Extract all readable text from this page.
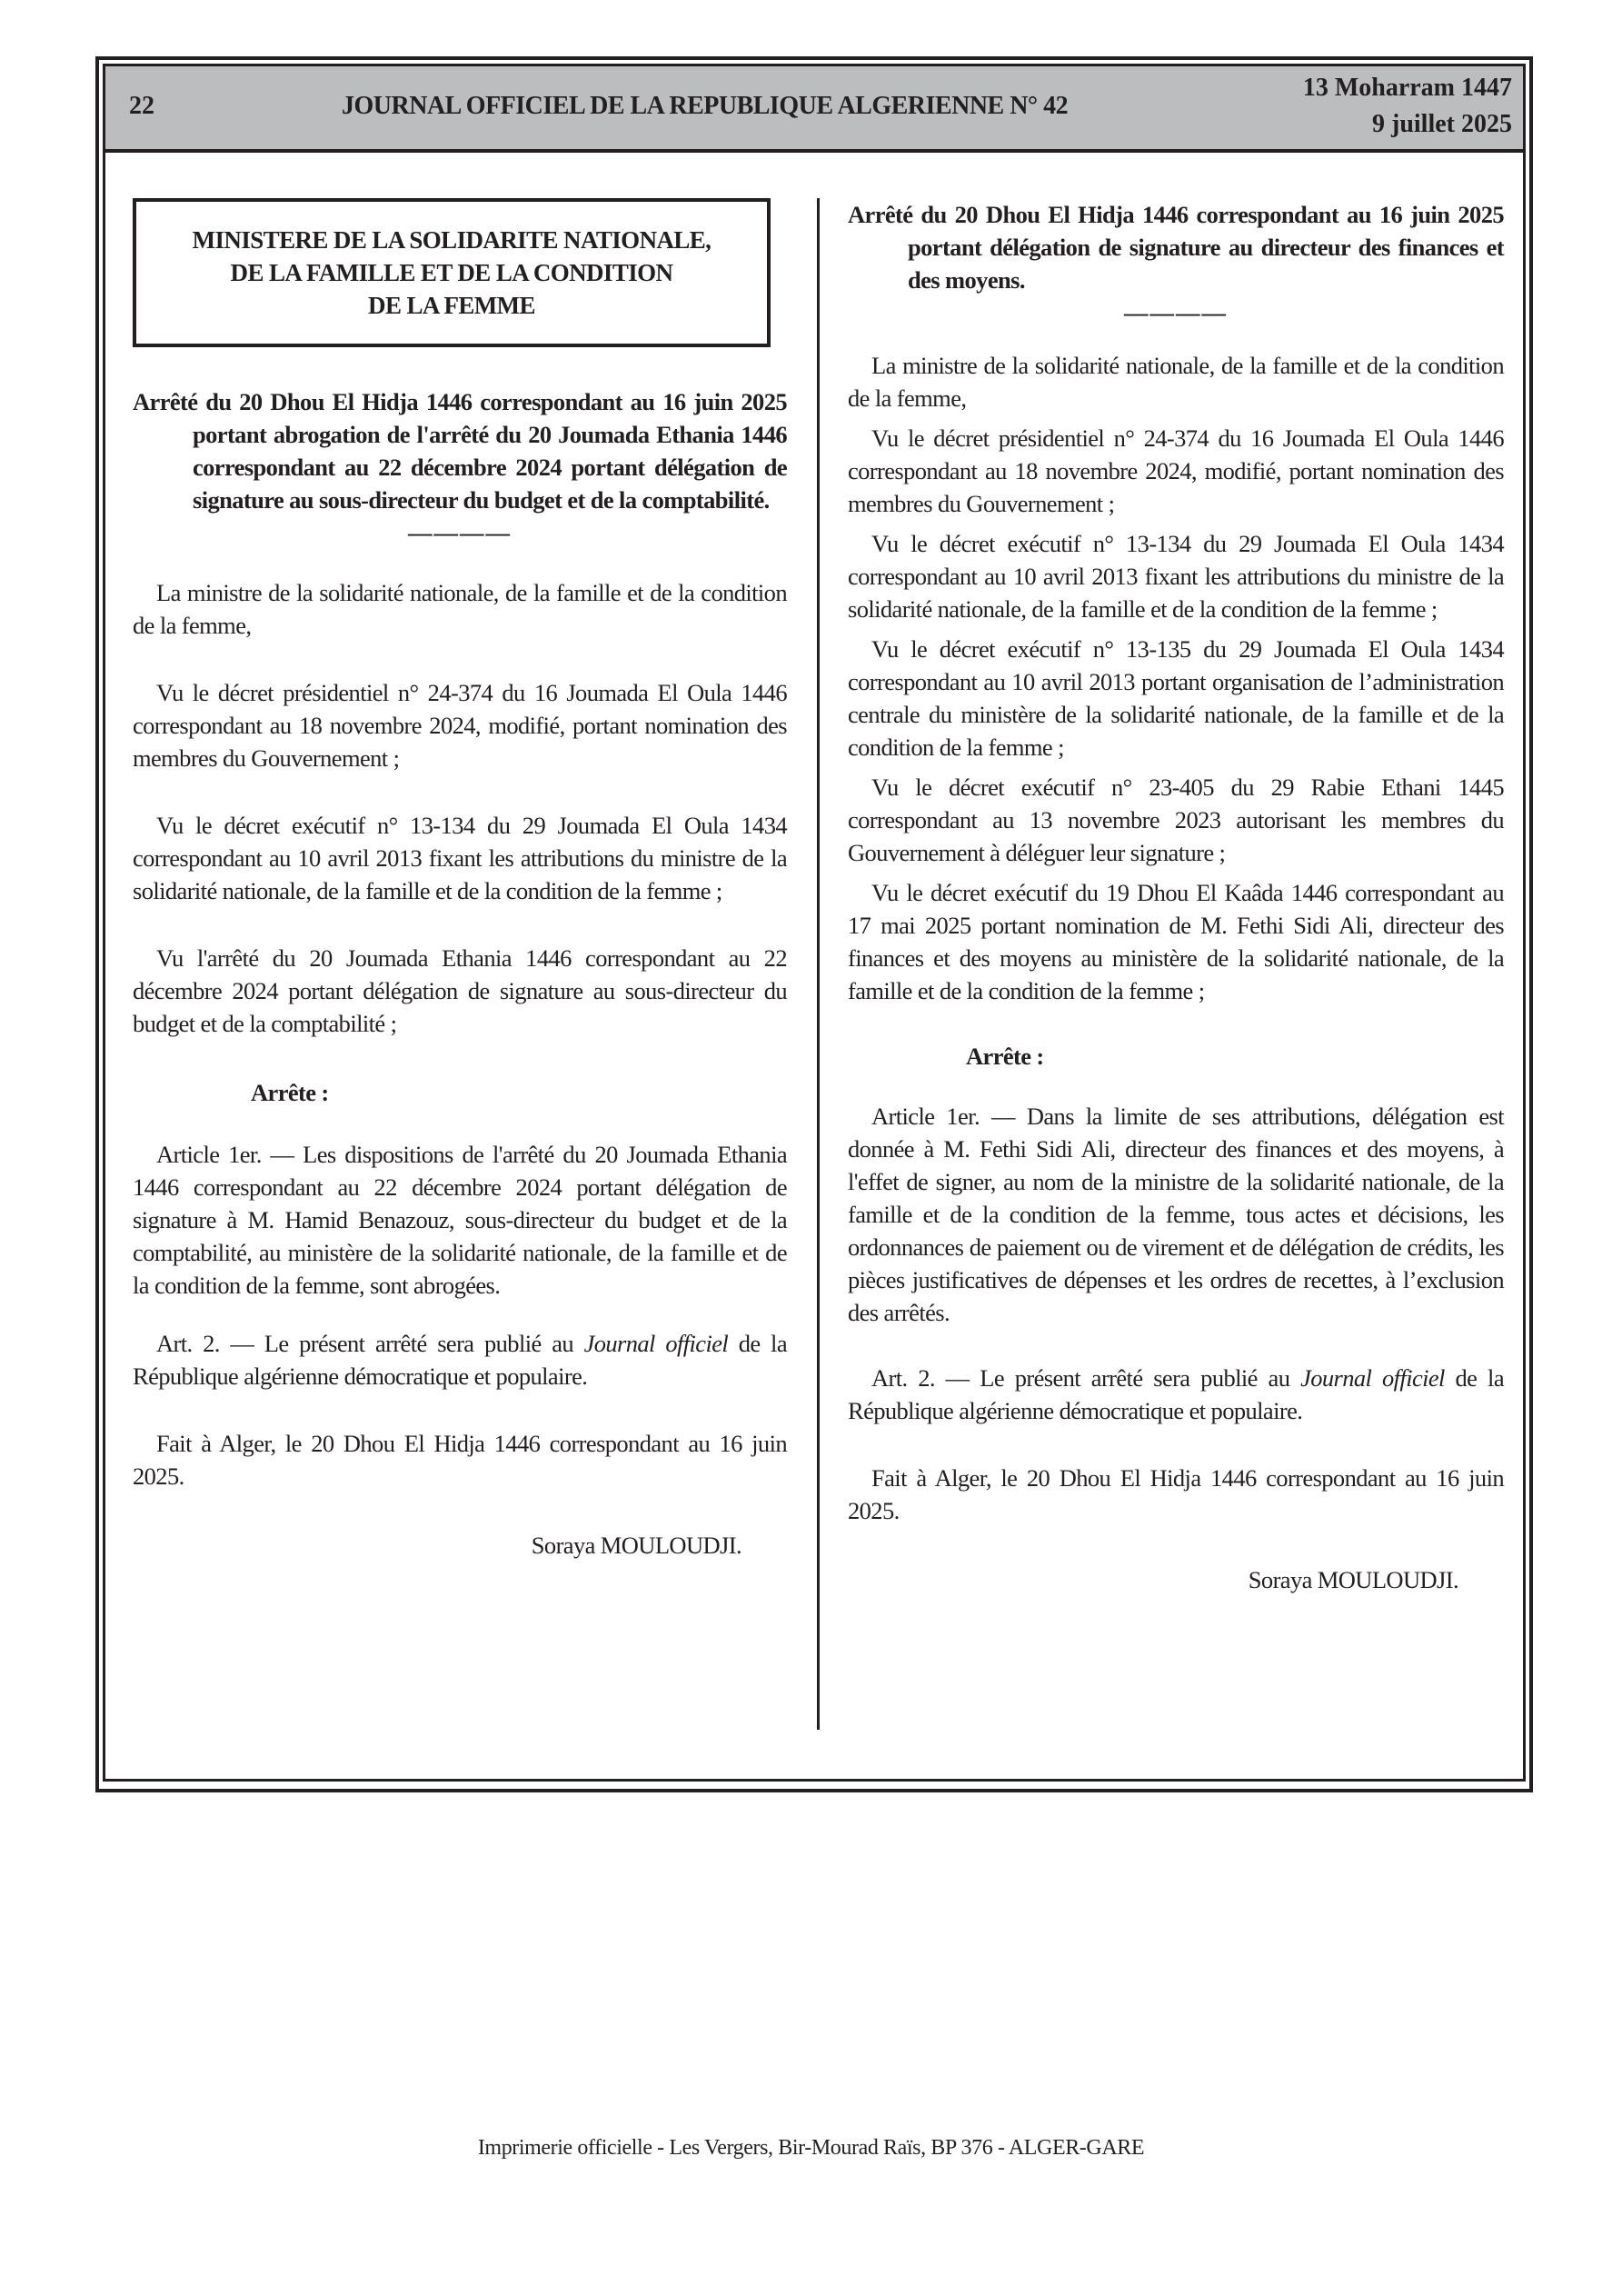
22	JOURNAL OFFICIEL DE LA REPUBLIQUE ALGERIENNE N° 42
13 Moharram 1447
9 juillet 2025
MINISTERE DE LA SOLIDARITE NATIONALE,
DE LA FAMILLE ET DE LA CONDITION
DE LA FEMME
Arrêté du 20 Dhou El Hidja 1446 correspondant au 16 juin 2025 portant abrogation de l'arrêté du 20 Joumada Ethania 1446 correspondant au 22 décembre 2024 portant délégation de signature au sous-directeur du budget et de la comptabilité.
————

La ministre de la solidarité nationale, de la famille et de la condition de la femme,

Vu le décret présidentiel n° 24-374 du 16 Joumada El Oula 1446 correspondant au 18 novembre 2024, modifié, portant nomination des membres du Gouvernement ;

Vu le décret exécutif n° 13-134 du 29 Joumada El Oula 1434 correspondant au 10 avril 2013 fixant les attributions du ministre de la solidarité nationale, de la famille et de la condition de la femme ;

Vu l'arrêté du 20 Joumada Ethania 1446 correspondant au 22 décembre 2024 portant délégation de signature au sous-directeur du budget et de la comptabilité ;

Arrête :

Article 1er. — Les dispositions de l'arrêté du 20 Joumada Ethania 1446 correspondant au 22 décembre 2024 portant délégation de signature à M. Hamid Benazouz, sous-directeur du budget et de la comptabilité, au ministère de la solidarité nationale, de la famille et de la condition de la femme, sont abrogées.

Art. 2. — Le présent arrêté sera publié au Journal officiel de la République algérienne démocratique et populaire.

Fait à Alger, le 20 Dhou El Hidja 1446 correspondant au 16 juin 2025.

Soraya MOULOUDJI.

Arrêté du 20 Dhou El Hidja 1446 correspondant au 16 juin 2025 portant délégation de signature au directeur des finances et des moyens.
————

La ministre de la solidarité nationale, de la famille et de la condition de la femme,

Vu le décret présidentiel n° 24-374 du 16 Joumada El Oula 1446 correspondant au 18 novembre 2024, modifié, portant nomination des membres du Gouvernement ;

Vu le décret exécutif n° 13-134 du 29 Joumada El Oula 1434 correspondant au 10 avril 2013 fixant les attributions du ministre de la solidarité nationale, de la famille et de la condition de la femme ;

Vu le décret exécutif n° 13-135 du 29 Joumada El Oula 1434 correspondant au 10 avril 2013 portant organisation de l’administration centrale du ministère de la solidarité nationale, de la famille et de la condition de la femme ;

Vu le décret exécutif n° 23-405 du 29 Rabie Ethani 1445 correspondant au 13 novembre 2023 autorisant les membres du Gouvernement à déléguer leur signature ;

Vu le décret exécutif du 19 Dhou El Kaâda 1446 correspondant au 17 mai 2025 portant nomination de M. Fethi Sidi Ali, directeur des finances et des moyens au ministère de la solidarité nationale, de la famille et de la condition de la femme ;

Arrête :

Article 1er. — Dans la limite de ses attributions, délégation est donnée à M. Fethi Sidi Ali, directeur des finances et des moyens, à l'effet de signer, au nom de la ministre de la solidarité nationale, de la famille et de la condition de la femme, tous actes et décisions, les ordonnances de paiement ou de virement et de délégation de crédits, les pièces justificatives de dépenses et les ordres de recettes, à l’exclusion des arrêtés.

Art. 2. — Le présent arrêté sera publié au Journal officiel de la République algérienne démocratique et populaire.

Fait à Alger, le 20 Dhou El Hidja 1446 correspondant au 16 juin 2025.

Soraya MOULOUDJI.

Imprimerie officielle - Les Vergers, Bir-Mourad Raïs, BP 376 - ALGER-GARE
